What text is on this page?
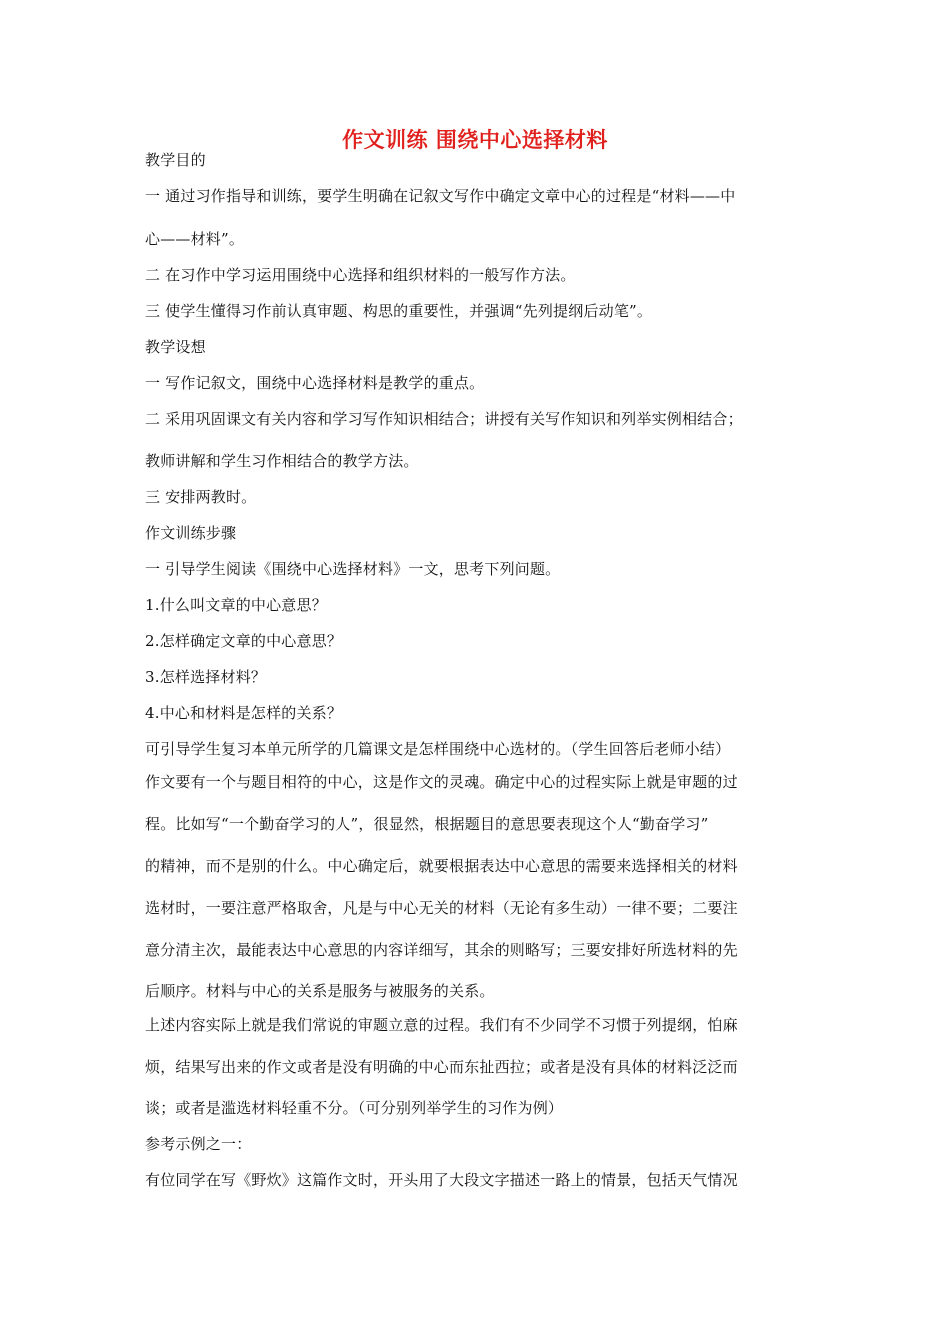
作文训练 围绕中心选择材料
教学目的
一 通过习作指导和训练，要学生明确在记叙文写作中确定文章中心的过程是“材料——中
心——材料”。
二 在习作中学习运用围绕中心选择和组织材料的一般写作方法。
三 使学生懂得习作前认真审题、构思的重要性，并强调“先列提纲后动笔”。
教学设想
一 写作记叙文，围绕中心选择材料是教学的重点。
二 采用巩固课文有关内容和学习写作知识相结合；讲授有关写作知识和列举实例相结合；
教师讲解和学生习作相结合的教学方法。
三 安排两教时。
作文训练步骤
一 引导学生阅读《围绕中心选择材料》一文，思考下列问题。
1.什么叫文章的中心意思？
2.怎样确定文章的中心意思？
3.怎样选择材料？
4.中心和材料是怎样的关系？
可引导学生复习本单元所学的几篇课文是怎样围绕中心选材的。（学生回答后老师小结）
作文要有一个与题目相符的中心，这是作文的灵魂。确定中心的过程实际上就是审题的过
程。比如写“一个勤奋学习的人”，很显然，根据题目的意思要表现这个人“勤奋学习”
的精神，而不是别的什么。中心确定后，就要根据表达中心意思的需要来选择相关的材料
选材时，一要注意严格取舍，凡是与中心无关的材料（无论有多生动）一律不要；二要注
意分清主次，最能表达中心意思的内容详细写，其余的则略写；三要安排好所选材料的先
后顺序。材料与中心的关系是服务与被服务的关系。
上述内容实际上就是我们常说的审题立意的过程。我们有不少同学不习惯于列提纲，怕麻
烦，结果写出来的作文或者是没有明确的中心而东扯西拉；或者是没有具体的材料泛泛而
谈；或者是滥选材料轻重不分。（可分别列举学生的习作为例）
参考示例之一：
有位同学在写《野炊》这篇作文时，开头用了大段文字描述一路上的情景，包括天气情况
